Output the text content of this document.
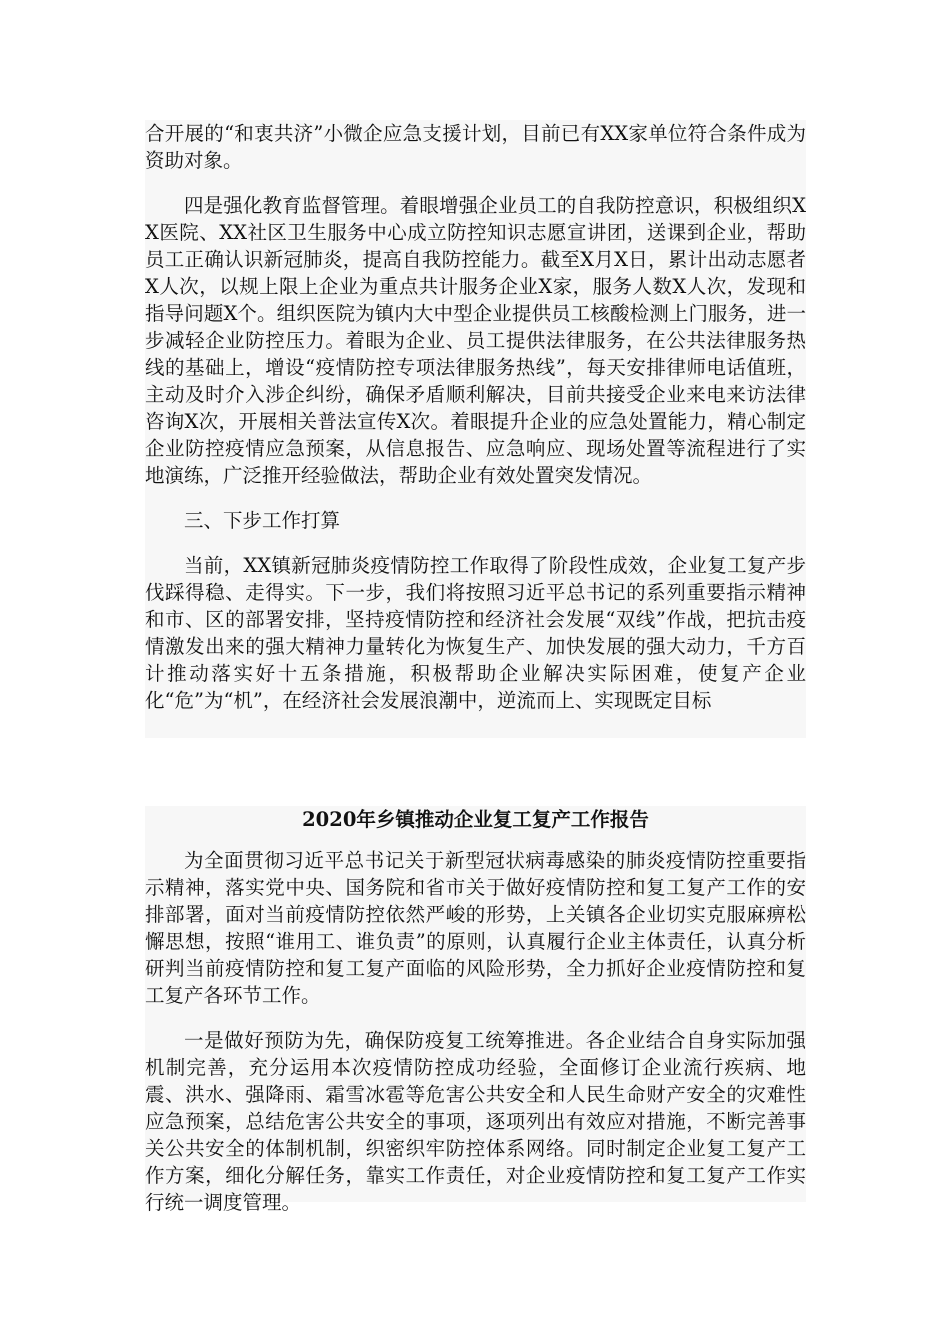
合开展的“和衷共济”小微企应急支援计划，目前已有XX家单位符合条件成为资助对象。

四是强化教育监督管理。着眼增强企业员工的自我防控意识，积极组织XX医院、XX社区卫生服务中心成立防控知识志愿宣讲团，送课到企业，帮助员工正确认识新冠肺炎，提高自我防控能力。截至X月X日，累计出动志愿者X人次，以规上限上企业为重点共计服务企业X家，服务人数X人次，发现和指导问题X个。组织医院为镇内大中型企业提供员工核酸检测上门服务，进一步减轻企业防控压力。着眼为企业、员工提供法律服务，在公共法律服务热线的基础上，增设“疫情防控专项法律服务热线”，每天安排律师电话值班，主动及时介入涉企纠纷，确保矛盾顺利解决，目前共接受企业来电来访法律咨询X次，开展相关普法宣传X次。着眼提升企业的应急处置能力，精心制定企业防控疫情应急预案，从信息报告、应急响应、现场处置等流程进行了实地演练，广泛推开经验做法，帮助企业有效处置突发情况。

三、下步工作打算

当前，XX镇新冠肺炎疫情防控工作取得了阶段性成效，企业复工复产步伐踩得稳、走得实。下一步，我们将按照习近平总书记的系列重要指示精神和市、区的部署安排，坚持疫情防控和经济社会发展“双线”作战，把抗击疫情激发出来的强大精神力量转化为恢复生产、加快发展的强大动力，千方百计推动落实好十五条措施，积极帮助企业解决实际困难，使复产企业化“危”为“机”，在经济社会发展浪潮中，逆流而上、实现既定目标

2020年乡镇推动企业复工复产工作报告

为全面贯彻习近平总书记关于新型冠状病毒感染的肺炎疫情防控重要指示精神，落实党中央、国务院和省市关于做好疫情防控和复工复产工作的安排部署，面对当前疫情防控依然严峻的形势，上关镇各企业切实克服麻痹松懈思想，按照“谁用工、谁负责”的原则，认真履行企业主体责任，认真分析研判当前疫情防控和复工复产面临的风险形势，全力抓好企业疫情防控和复工复产各环节工作。

一是做好预防为先，确保防疫复工统筹推进。各企业结合自身实际加强机制完善，充分运用本次疫情防控成功经验，全面修订企业流行疾病、地震、洪水、强降雨、霜雪冰雹等危害公共安全和人民生命财产安全的灾难性应急预案，总结危害公共安全的事项，逐项列出有效应对措施，不断完善事关公共安全的体制机制，织密织牢防控体系网络。同时制定企业复工复产工作方案，细化分解任务，靠实工作责任，对企业疫情防控和复工复产工作实行统一调度管理。
